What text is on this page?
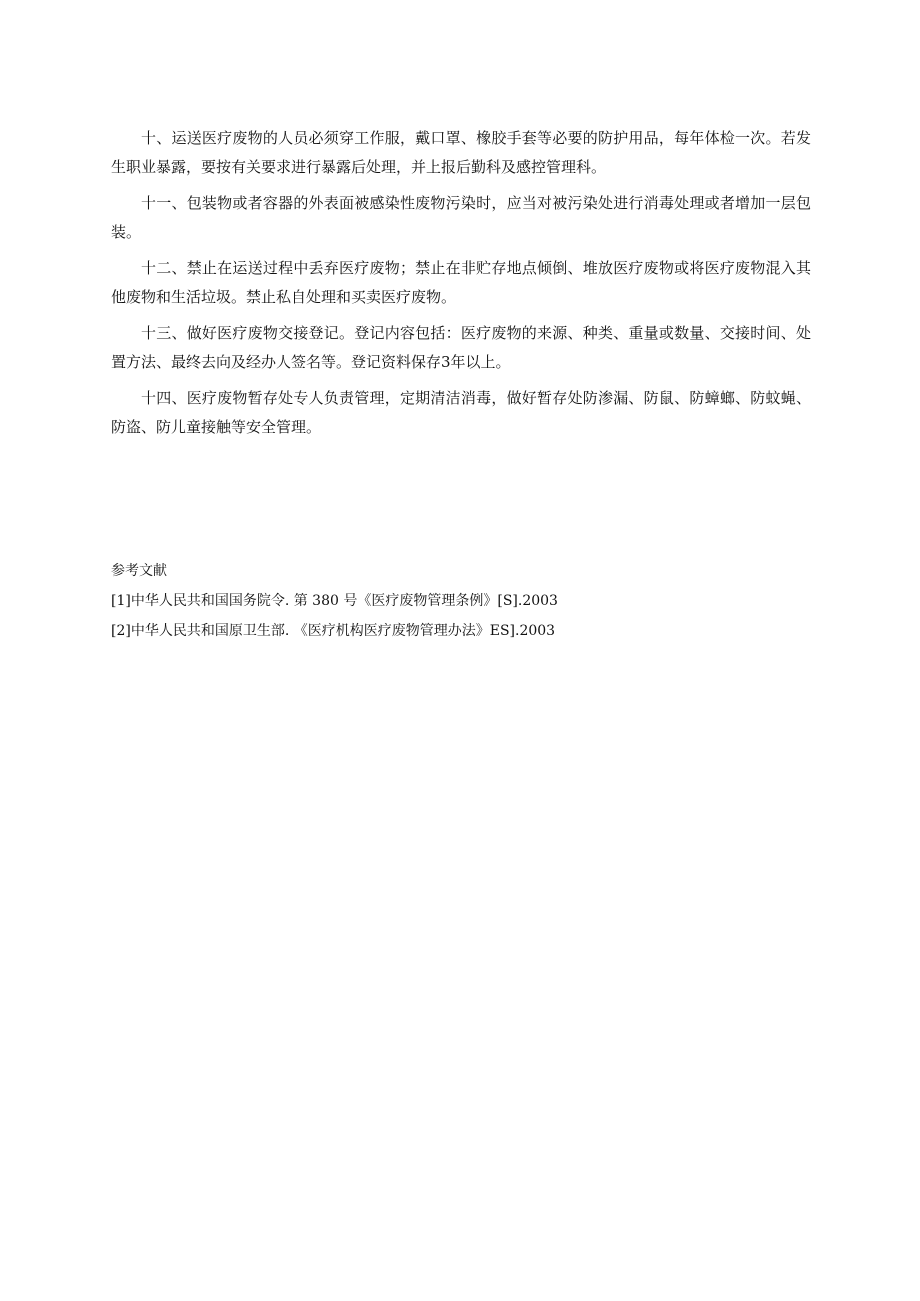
十、运送医疗废物的人员必须穿工作服，戴口罩、橡胶手套等必要的防护用品，每年体检一次。若发生职业暴露，要按有关要求进行暴露后处理，并上报后勤科及感控管理科。

十一、包装物或者容器的外表面被感染性废物污染时，应当对被污染处进行消毒处理或者增加一层包装。

十二、禁止在运送过程中丢弃医疗废物；禁止在非贮存地点倾倒、堆放医疗废物或将医疗废物混入其他废物和生活垃圾。禁止私自处理和买卖医疗废物。

十三、做好医疗废物交接登记。登记内容包括：医疗废物的来源、种类、重量或数量、交接时间、处置方法、最终去向及经办人签名等。登记资料保存3年以上。

十四、医疗废物暂存处专人负责管理，定期清洁消毒，做好暂存处防渗漏、防鼠、防蟑螂、防蚊蝇、防盗、防儿童接触等安全管理。

参考文献

[1]中华人民共和国国务院令. 第 380 号《医疗废物管理条例》[S].2003

[2]中华人民共和国原卫生部. 《医疗机构医疗废物管理办法》ES].2003
